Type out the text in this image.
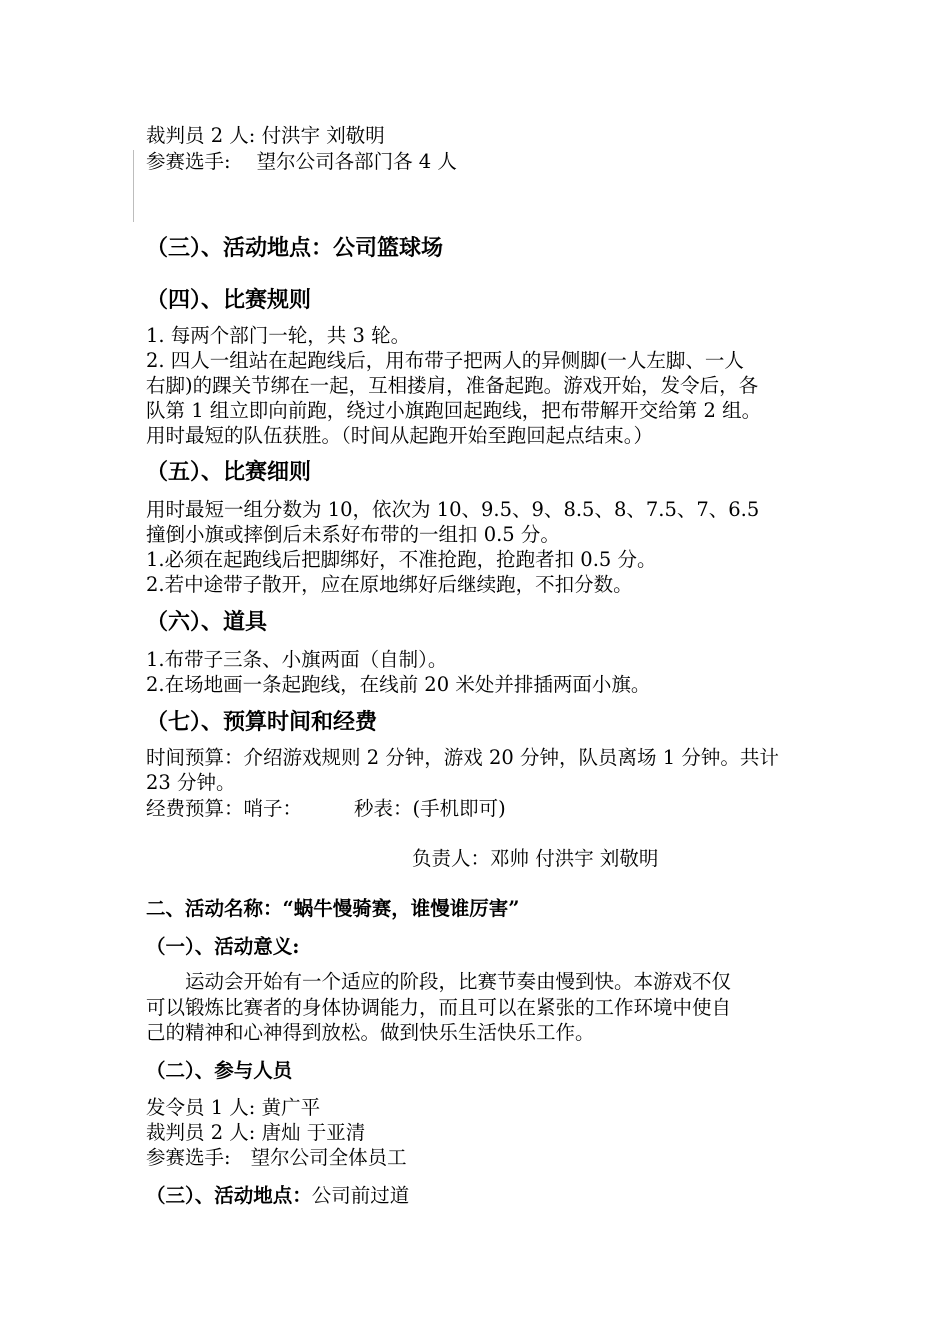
裁判员 2 人: 付洪宇 刘敬明
参赛选手: 望尔公司各部门各 4 人
（三）、活动地点：公司篮球场
（四）、比赛规则
1. 每两个部门一轮，共 3 轮。
2. 四人一组站在起跑线后，用布带子把两人的异侧脚(一人左脚、一人
右脚)的踝关节绑在一起，互相搂肩，准备起跑。游戏开始，发令后，各
队第 1 组立即向前跑，绕过小旗跑回起跑线，把布带解开交给第 2 组。
用时最短的队伍获胜。（时间从起跑开始至跑回起点结束。）
（五）、比赛细则
用时最短一组分数为 10，依次为 10、9.5、9、8.5、8、7.5、7、6.5
撞倒小旗或摔倒后未系好布带的一组扣 0.5 分。
1.必须在起跑线后把脚绑好，不准抢跑，抢跑者扣 0.5 分。
2.若中途带子散开，应在原地绑好后继续跑，不扣分数。
（六）、道具
1.布带子三条、小旗两面（自制）。
2.在场地画一条起跑线，在线前 20 米处并排插两面小旗。
（七）、预算时间和经费
时间预算：介绍游戏规则 2 分钟，游戏 20 分钟，队员离场 1 分钟。共计
23 分钟。
经费预算：哨子：	秒表：(手机即可)
负责人：邓帅 付洪宇 刘敬明
二、活动名称：“蜗牛慢骑赛，谁慢谁厉害”
（一）、活动意义:
运动会开始有一个适应的阶段，比赛节奏由慢到快。本游戏不仅
可以锻炼比赛者的身体协调能力，而且可以在紧张的工作环境中使自
己的精神和心神得到放松。做到快乐生活快乐工作。
（二）、参与人员
发令员 1 人: 黄广平
裁判员 2 人: 唐灿 于亚清
参赛选手: 望尔公司全体员工
（三）、活动地点：公司前过道
